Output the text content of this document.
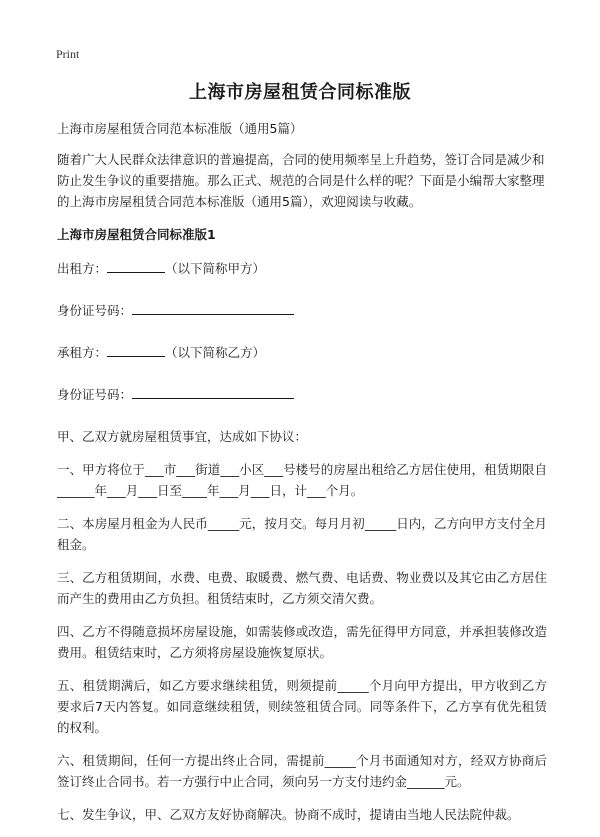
Print
上海市房屋租赁合同标准版

上海市房屋租赁合同范本标准版（通用5篇）

随着广大人民群众法律意识的普遍提高，合同的使用频率呈上升趋势，签订合同是减少和防止发生争议的重要措施。那么正式、规范的合同是什么样的呢？下面是小编帮大家整理的上海市房屋租赁合同范本标准版（通用5篇），欢迎阅读与收藏。

上海市房屋租赁合同标准版1

出租方：	（以下简称甲方）

身份证号码：

承租方：	（以下简称乙方）

身份证号码：

甲、乙双方就房屋租赁事宜，达成如下协议：

一、甲方将位于___市___街道___小区___号楼号的房屋出租给乙方居住使用，租赁期限自______年___月___日至____年___月___日，计___个月。

二、本房屋月租金为人民币_____元，按月交。每月月初_____日内，乙方向甲方支付全月租金。

三、乙方租赁期间，水费、电费、取暖费、燃气费、电话费、物业费以及其它由乙方居住而产生的费用由乙方负担。租赁结束时，乙方须交清欠费。

四、乙方不得随意损坏房屋设施，如需装修或改造，需先征得甲方同意，并承担装修改造费用。租赁结束时，乙方须将房屋设施恢复原状。

五、租赁期满后，如乙方要求继续租赁，则须提前_____个月向甲方提出，甲方收到乙方要求后7天内答复。如同意继续租赁，则续签租赁合同。同等条件下，乙方享有优先租赁的权利。

六、租赁期间，任何一方提出终止合同，需提前_____个月书面通知对方，经双方协商后签订终止合同书。若一方强行中止合同，须向另一方支付违约金______元。

七、发生争议，甲、乙双方友好协商解决。协商不成时，提请由当地人民法院仲裁。
